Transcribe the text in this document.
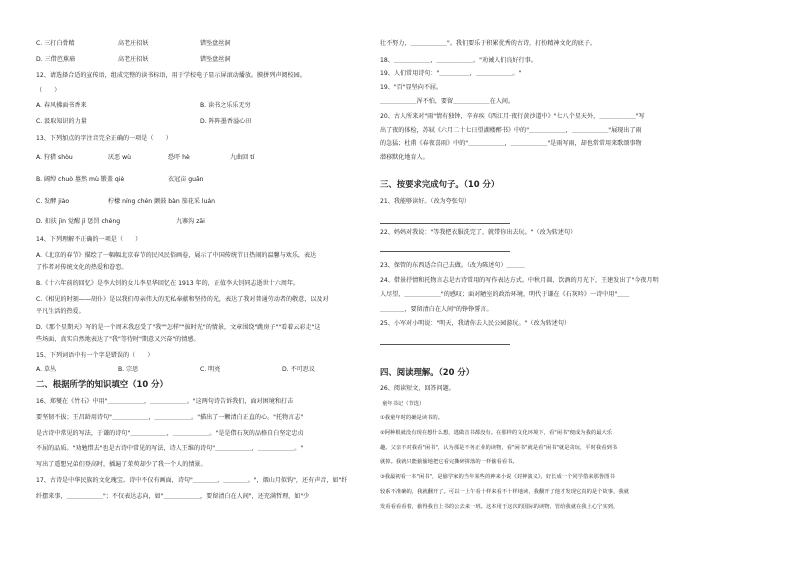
C. 三打白骨精	高老庄招妖	错坠盘丝洞
D. 三借芭蕉扇	高老庄招妖	错坠盘丝洞
12、请选择合适的宣传语，组成完整的读书标语，用于学校电子显示屏滚动播放。膜拼列声阅校园。
（　　）
A. 春风拂面书香来	B. 读书之乐乐无穷
C. 汲取知识的力量	D. 阵阵墨香溢心田
13、下列加点的字注音完全正确的一项是（　　）
A. 狩猎 shòu	厌恶 wù	恐吓 hè	九曲回 tí
B. 阔绰 chuò 墓然 mù 锻盖 qiè	衣冠亩 guān
C. 发酵 jiào	柠檬 níng chén 颤鼓 bàn 笳花采 luán
D. 扣扶 jìn 觉醒 jì 惩罚 chéng	九寨沟 zāi
14、下列理解不正确的一项是（　　）
A.《北京的春节》描绘了一幅幅北京春节的民风民俗画卷，展示了中国传统节日热闹的温馨与欢乐，表达
了作者对传统文化的热爱和眷恋。
B.《十六年前的回忆》是李大钊的女儿李星华回忆在 1913 年的，正值李大钊同志逝世十六周年。
C.《相见的时刻——胡仆》是以我们母亲伟大的无私奉献和坚持的光，表达了我对普通劳动者的敬意，以及对
平凡生活的热爱。
D.《那个星期天》写的是一个周末我忍受了"我""怎样""拔时光"的情景，文章围绕"跳房子""看着云彩走"这
些场面，真实自然地表达了"我"等待时"期意又兴奋"的情感。
15、下列词语中有一个字是错误的（　　）
A. 草丛	B. 宗思	C. 明亮	D. 不可思议
二、根据所学的知识填空（10 分）
16、郑燮在《竹石》中用"＿＿＿＿＿＿，＿＿＿＿＿＿。"这两句诗告诉我们，面对困境和打击
要坚韧不拔；王昌龄用诗句"＿＿＿＿＿＿，＿＿＿＿＿＿。"描出了一颗清白正直的心。"托物言志"
是古诗中常见的写法，于谦的诗句"＿＿＿＿＿＿，＿＿＿＿＿＿。"是是借石灰的品格自白坚定忠贞
不屈的品质。"劝勉惜去"也是古诗中常见的写法，诗人王维的诗句"＿＿＿＿＿＿，＿＿＿＿＿＿。"
写出了遥想兄弟们登高时，插遍了茱萸却少了我一个人的情景。
17、古诗是中华民族的文化瑰宝。诗中不仅有画面，诗句"＿＿＿＿，＿＿＿＿。"，烟山月似钩"，还有声音，如"纤
纤摆来事，＿＿＿＿＿＿"；不仅表达志向，如"＿＿＿＿＿＿，要留清白在人间"，还充满哲理，如"少
壮不努力，＿＿＿＿＿＿"。我们要乐于积累优秀的古诗，打扮精神文化的底子。
18、＿＿＿＿＿＿，＿＿＿＿＿＿。"劝诫人们良好行事。
19、人们常用诗句："＿＿＿＿＿，＿＿＿＿＿＿。"
19、"百"显坚向不屈。
＿＿＿＿＿＿浑不怕，要留＿＿＿＿＿＿在人间。
20、古人所来对"雨"情有独钟，辛弃疾《西江月·夜行黄沙道中》"七八个星天外，＿＿＿＿＿＿"写
出了夜的体检，苏轼《六月二十七日望湖楼醉书》中的"＿＿＿＿＿＿，＿＿＿＿＿＿"展现出了雨
的急猛；杜甫《春夜喜雨》中的"＿＿＿＿＿＿，＿＿＿＿＿＿"是雨写雨，却也常常用来歌颂事物
潜移默化地育人。
三、按要求完成句子。（10 分）
21、我能够读好。（改为夸张句）
22、妈妈对我说："等我把衣服洗完了，就带你出去玩。"（改为转述句）
23、保管的东西适合自己去做。（改为陈述句）＿＿＿
24、借景抒情和托物言志是古诗常用的写作表达方式。中秋月圆，饮酒的月光下，王建发出了"今夜月明
人尽望，＿＿＿＿＿＿"的感叹；面对陋室的政治环境，明代于谦在《石灰吟》一诗中用"＿＿
＿＿＿＿，要留清白在人间"的铮铮誓言。
25、小军对小明说："明天，我请你去人民公园游玩。"（改为转述句）
四、阅读理解。（20 分）
26、阅读短文，回答问题。
童年书记（节选）
①我童年时的确是读书的。
②阿种根就没有现在想什么想，逃做音书都没有。在那样的文化环境下，看"闲书"便成为我的最大乐
趣。父亲不对我看"闲书"，认为那是不务正业的读物，看"闲书"就是看"闲书"就是贪玩，平时我看到书
就掉。我就只能偷偷地把它看完撕碎拼落的一样偷看看书。
③我最初看一本"闲书"，是偷学家的当年某些的神来小说《封神演义》，好长成一个同学借来那鲁图书
较系不准确的，我就翻开了。可以一上午看十样来看不十样地读，我翻开了他才发现它真的是个故事，我就
发看看看看着，偷得我自上书的公去来一班。这本用于这次的国际的读物，管给我就在我上心宁实到，
